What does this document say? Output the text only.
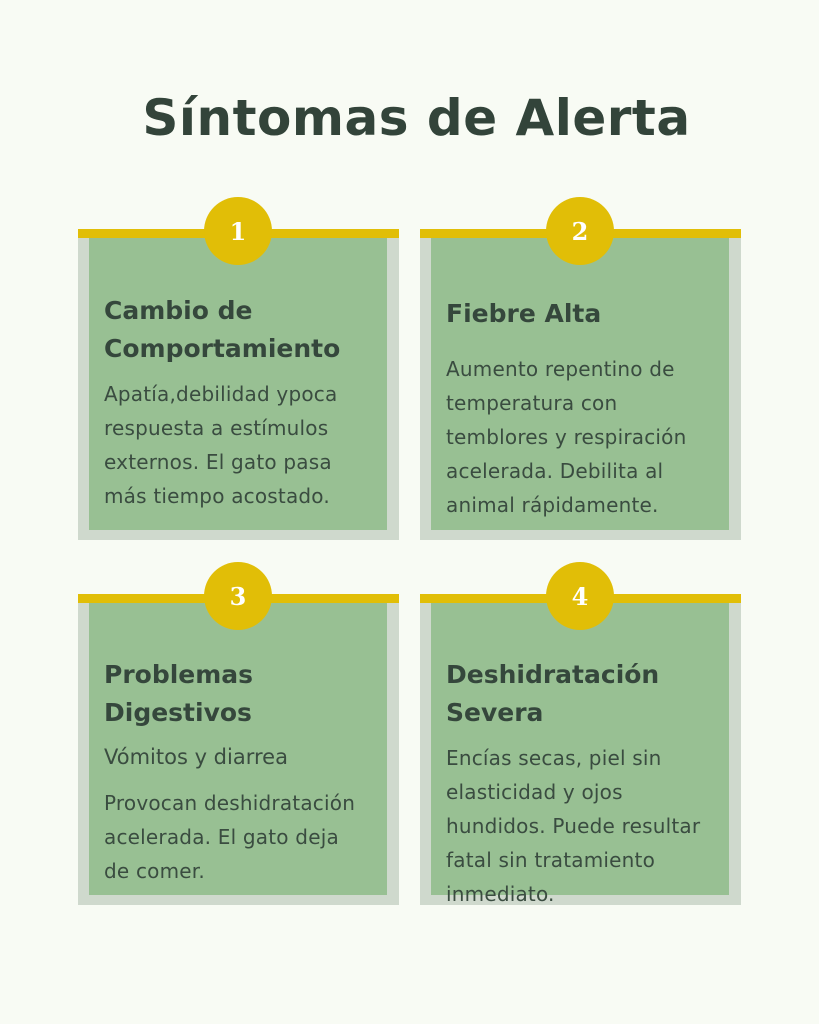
Síntomas de Alerta
1

Cambio de
Comportamiento

Apatía,debilidad ypoca respuesta a estímulos externos. El gato pasa más tiempo acostado.

2

Fiebre Alta

Aumento repentino de temperatura con temblores y respiración acelerada. Debilita al animal rápidamente.

3

Problemas
Digestivos

Vómitos y diarrea

Provocan deshidratación acelerada. El gato deja de comer.

4

Deshidratación
Severa

Encías secas, piel sin elasticidad y ojos hundidos. Puede resultar fatal sin tratamiento inmediato.
